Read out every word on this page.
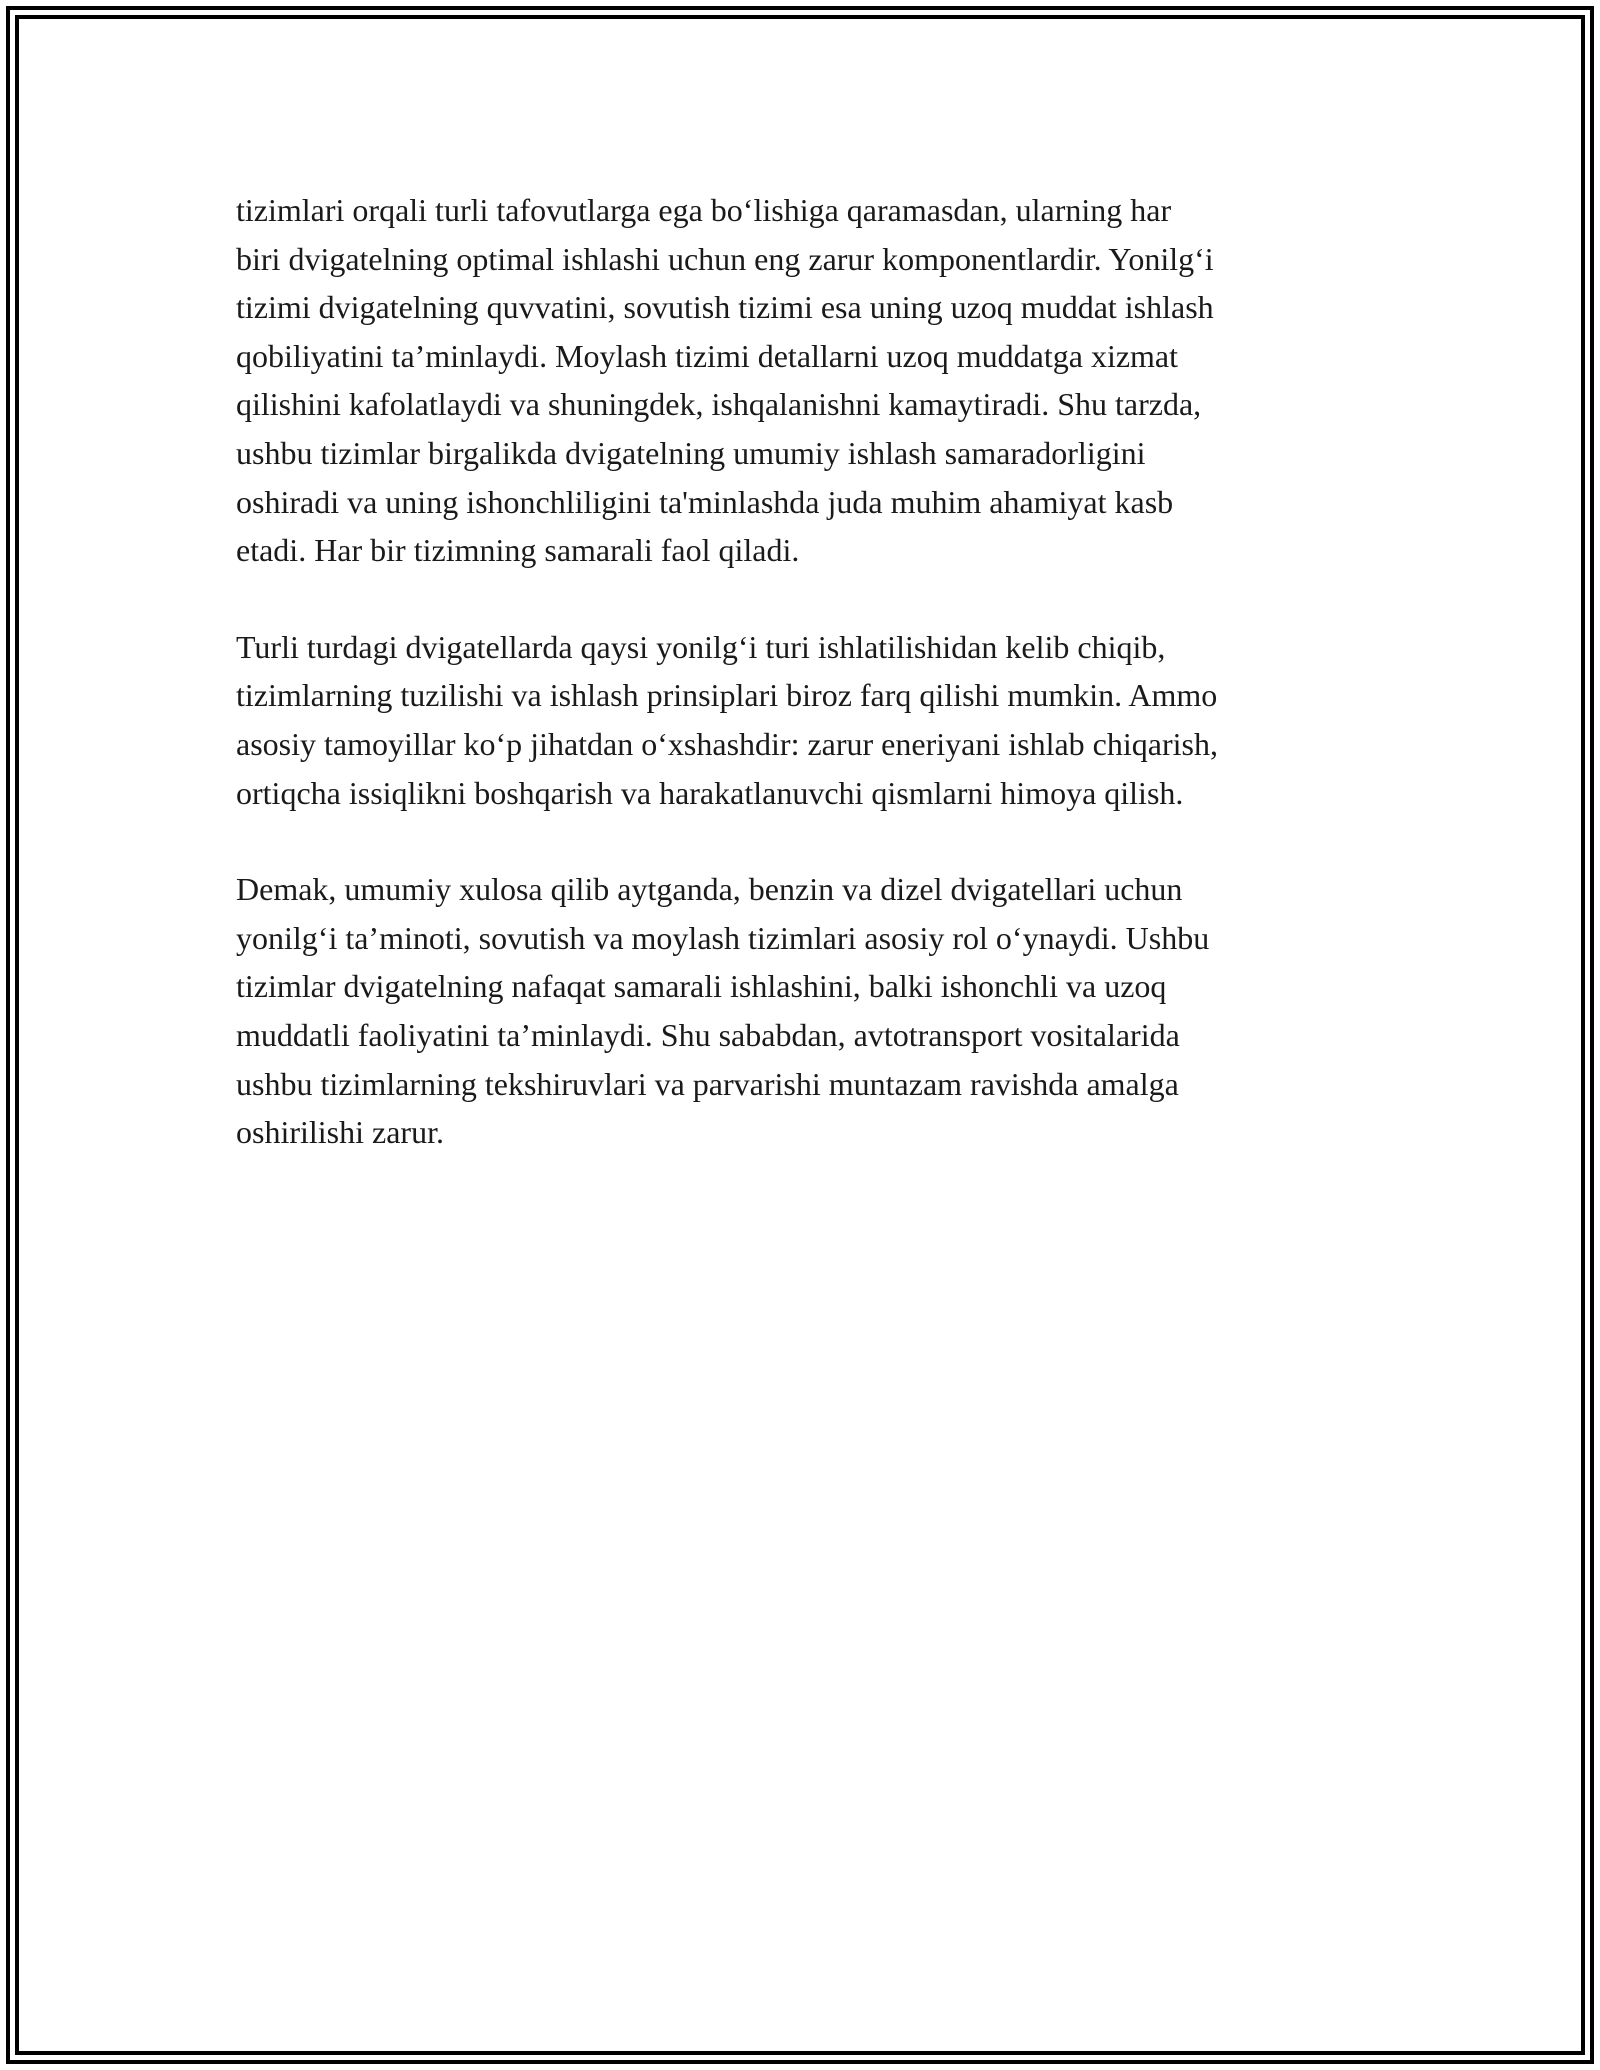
tizimlari orqali turli tafovutlarga ega bo‘lishiga qaramasdan, ularning har
biri dvigatelning optimal ishlashi uchun eng zarur komponentlardir. Yonilg‘i
tizimi dvigatelning quvvatini, sovutish tizimi esa uning uzoq muddat ishlash
qobiliyatini ta’minlaydi. Moylash tizimi detallarni uzoq muddatga xizmat
qilishini kafolatlaydi va shuningdek, ishqalanishni kamaytiradi. Shu tarzda,
ushbu tizimlar birgalikda dvigatelning umumiy ishlash samaradorligini
oshiradi va uning ishonchliligini ta'minlashda juda muhim ahamiyat kasb
etadi. Har bir tizimning samarali faol qiladi.

Turli turdagi dvigatellarda qaysi yonilg‘i turi ishlatilishidan kelib chiqib,
tizimlarning tuzilishi va ishlash prinsiplari biroz farq qilishi mumkin. Ammo
asosiy tamoyillar ko‘p jihatdan o‘xshashdir: zarur eneriyani ishlab chiqarish,
ortiqcha issiqlikni boshqarish va harakatlanuvchi qismlarni himoya qilish.

Demak, umumiy xulosa qilib aytganda, benzin va dizel dvigatellari uchun
yonilg‘i ta’minoti, sovutish va moylash tizimlari asosiy rol o‘ynaydi. Ushbu
tizimlar dvigatelning nafaqat samarali ishlashini, balki ishonchli va uzoq
muddatli faoliyatini ta’minlaydi. Shu sababdan, avtotransport vositalarida
ushbu tizimlarning tekshiruvlari va parvarishi muntazam ravishda amalga
oshirilishi zarur.
